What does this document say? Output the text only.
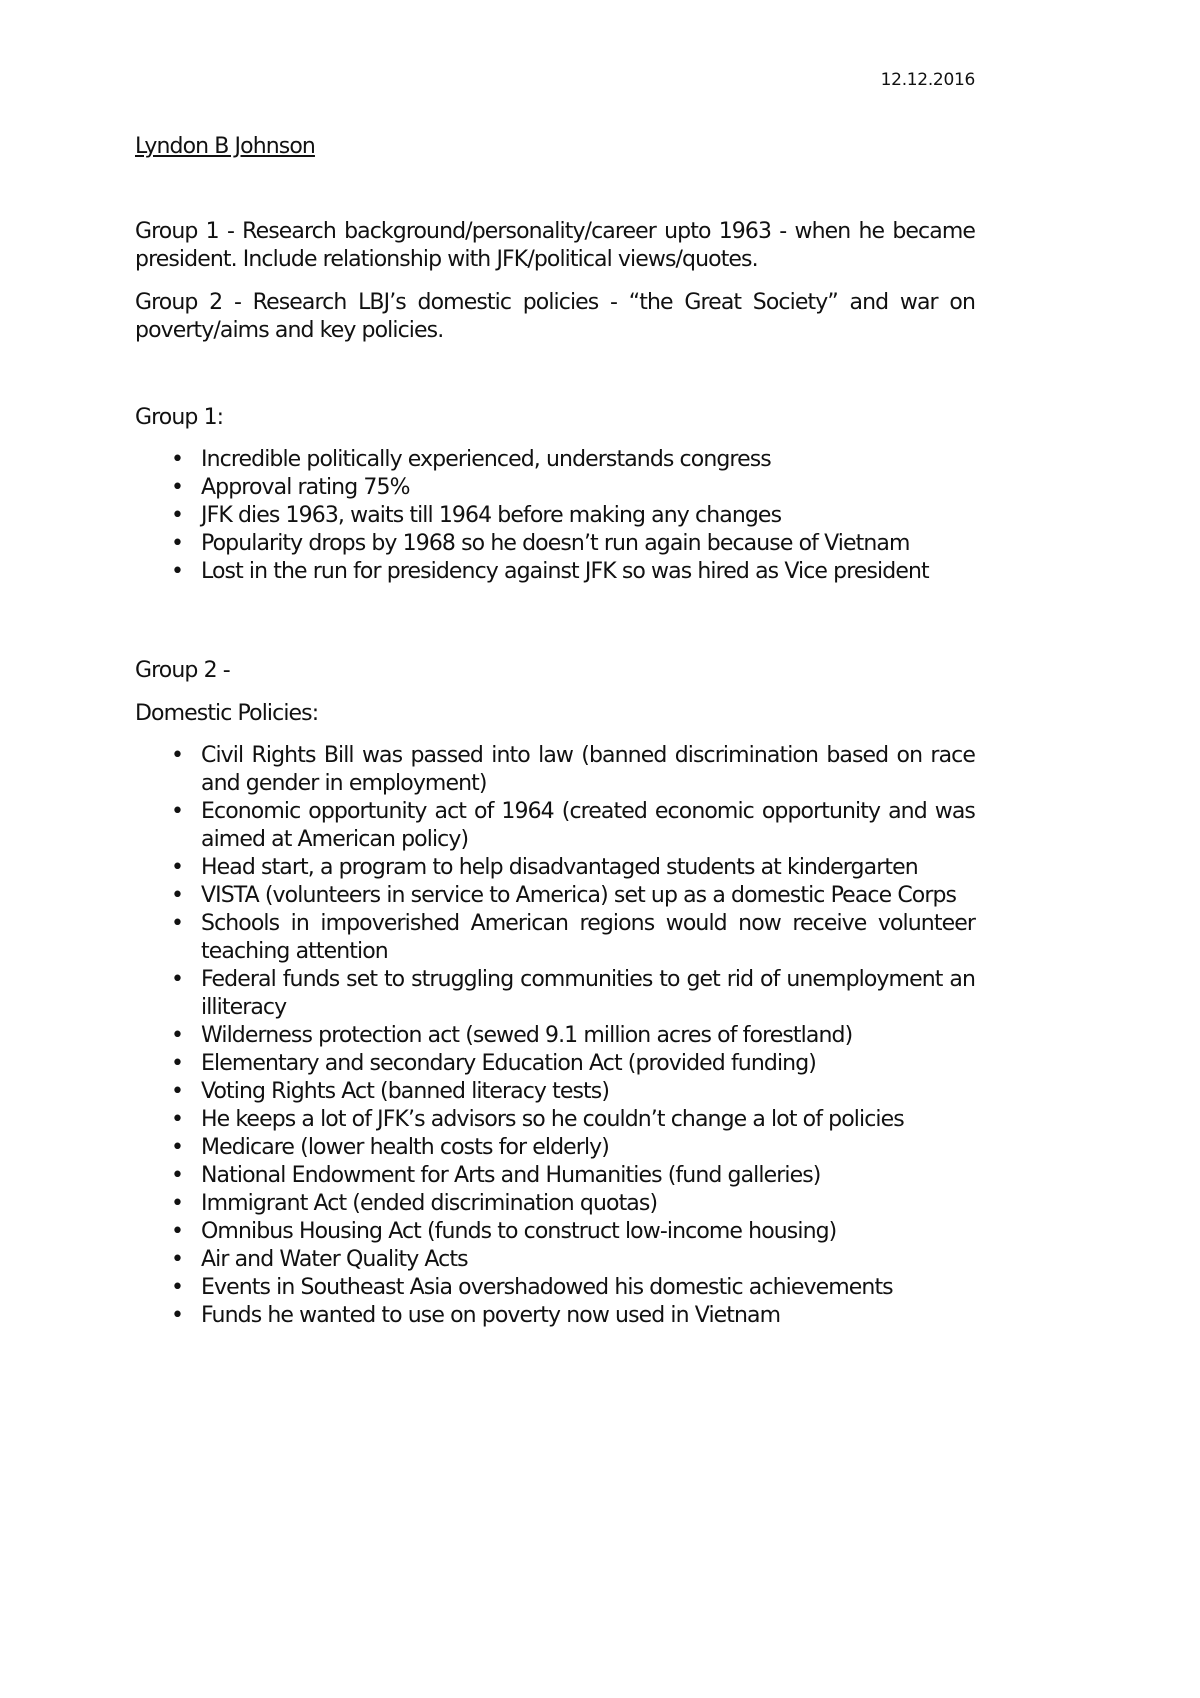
12.12.2016
Lyndon B Johnson

Group 1 - Research background/personality/career upto 1963 - when he became president. Include relationship with JFK/political views/quotes.

Group 2 - Research LBJ’s domestic policies - “the Great Society” and war on poverty/aims and key policies.

Group 1:
• Incredible politically experienced, understands congress
• Approval rating 75%
• JFK dies 1963, waits till 1964 before making any changes
• Popularity drops by 1968 so he doesn’t run again because of Vietnam
• Lost in the run for presidency against JFK so was hired as Vice president
Group 2 -
Domestic Policies:
• Civil Rights Bill was passed into law (banned discrimination based on race and gender in employment)
• Economic opportunity act of 1964 (created economic opportunity and was aimed at American policy)
• Head start, a program to help disadvantaged students at kindergarten
• VISTA (volunteers in service to America) set up as a domestic Peace Corps
• Schools in impoverished American regions would now receive volunteer teaching attention
• Federal funds set to struggling communities to get rid of unemployment an illiteracy
• Wilderness protection act (sewed 9.1 million acres of forestland)
• Elementary and secondary Education Act (provided funding)
• Voting Rights Act (banned literacy tests)
• He keeps a lot of JFK’s advisors so he couldn’t change a lot of policies
• Medicare (lower health costs for elderly)
• National Endowment for Arts and Humanities (fund galleries)
• Immigrant Act (ended discrimination quotas)
• Omnibus Housing Act (funds to construct low-income housing)
• Air and Water Quality Acts
• Events in Southeast Asia overshadowed his domestic achievements
• Funds he wanted to use on poverty now used in Vietnam
